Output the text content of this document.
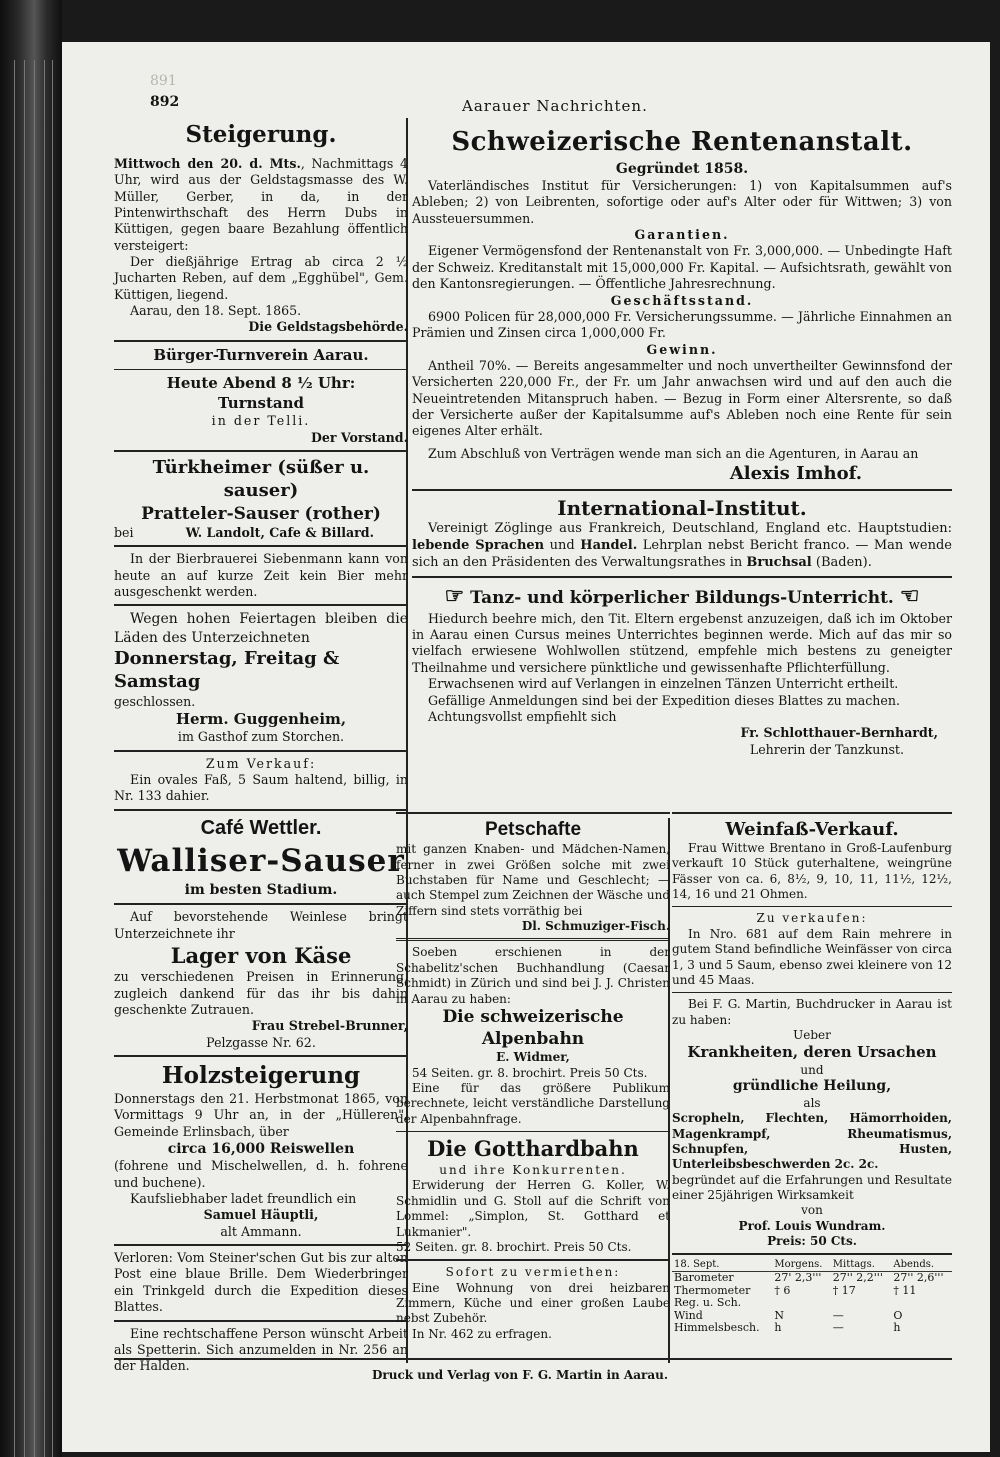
891
892	Aarauer Nachrichten.
Steigerung.

Mittwoch den 20. d. Mts., Nachmittags 4 Uhr, wird aus der Geldstagsmasse des W. Müller, Gerber, in da, in der Pintenwirthschaft des Herrn Dubs in Küttigen, gegen baare Bezahlung öffentlich versteigert:

Der dießjährige Ertrag ab circa 2 ½ Jucharten Reben, auf dem „Egghübel", Gem. Küttigen, liegend.

Aarau, den 18. Sept. 1865.

Die Geldstagsbehörde.

Bürger-Turnverein Aarau.

Heute Abend 8 ½ Uhr:

Turnstand

in der Telli.

Der Vorstand.

Türkheimer (süßer u. sauser)

Pratteler-Sauser (rother)

bei	W. Landolt, Cafe & Billard.

In der Bierbrauerei Siebenmann kann von heute an auf kurze Zeit kein Bier mehr ausgeschenkt werden.

Wegen hohen Feiertagen bleiben die Läden des Unterzeichneten

Donnerstag, Freitag & Samstag

geschlossen.

Herm. Guggenheim,

im Gasthof zum Storchen.

Zum Verkauf:

Ein ovales Faß, 5 Saum haltend, billig, in Nr. 133 dahier.

Café Wettler.

Walliser-Sauser

im besten Stadium.

Auf bevorstehende Weinlese bringt Unterzeichnete ihr

Lager von Käse

zu verschiedenen Preisen in Erinnerung, zugleich dankend für das ihr bis dahin geschenkte Zutrauen.

Frau Strebel-Brunner,

Pelzgasse Nr. 62.

Holzsteigerung

Donnerstags den 21. Herbstmonat 1865, von Vormittags 9 Uhr an, in der „Hülleren", Gemeinde Erlinsbach, über

circa 16,000 Reiswellen

(fohrene und Mischelwellen, d. h. fohrene und buchene).

Kaufsliebhaber ladet freundlich ein

Samuel Häuptli,

alt Ammann.

Verloren: Vom Steiner'schen Gut bis zur alten Post eine blaue Brille. Dem Wiederbringer ein Trinkgeld durch die Expedition dieses Blattes.

Eine rechtschaffene Person wünscht Arbeit als Spetterin. Sich anzumelden in Nr. 256 an der Halden.

Schweizerische Rentenanstalt.

Gegründet 1858.

Vaterländisches Institut für Versicherungen: 1) von Kapitalsummen auf's Ableben; 2) von Leibrenten, sofortige oder auf's Alter oder für Wittwen; 3) von Aussteuersummen.

Garantien.

Eigener Vermögensfond der Rentenanstalt von Fr. 3,000,000. — Unbedingte Haft der Schweiz. Kreditanstalt mit 15,000,000 Fr. Kapital. — Aufsichtsrath, gewählt von den Kantonsregierungen. — Öffentliche Jahresrechnung.

Geschäftsstand.

6900 Policen für 28,000,000 Fr. Versicherungssumme. — Jährliche Einnahmen an Prämien und Zinsen circa 1,000,000 Fr.

Gewinn.

Antheil 70%. — Bereits angesammelter und noch unvertheilter Gewinnsfond der Versicherten 220,000 Fr., der Fr. um Jahr anwachsen wird und auf den auch die Neueintretenden Mitanspruch haben. — Bezug in Form einer Altersrente, so daß der Versicherte außer der Kapitalsumme auf's Ableben noch eine Rente für sein eigenes Alter erhält.

Zum Abschluß von Verträgen wende man sich an die Agenturen, in Aarau an

Alexis Imhof.

International-Institut.

Vereinigt Zöglinge aus Frankreich, Deutschland, England etc. Hauptstudien: lebende Sprachen und Handel. Lehrplan nebst Bericht franco. — Man wende sich an den Präsidenten des Verwaltungsrathes in Bruchsal (Baden).

☞ Tanz- und körperlicher Bildungs-Unterricht. ☜

Hiedurch beehre mich, den Tit. Eltern ergebenst anzuzeigen, daß ich im Oktober in Aarau einen Cursus meines Unterrichtes beginnen werde. Mich auf das mir so vielfach erwiesene Wohlwollen stützend, empfehle mich bestens zu geneigter Theilnahme und versichere pünktliche und gewissenhafte Pflichterfüllung.

Erwachsenen wird auf Verlangen in einzelnen Tänzen Unterricht ertheilt.

Gefällige Anmeldungen sind bei der Expedition dieses Blattes zu machen.

Achtungsvollst empfiehlt sich

Fr. Schlotthauer-Bernhardt,

Lehrerin der Tanzkunst.

Petschafte

mit ganzen Knaben- und Mädchen-Namen, ferner in zwei Größen solche mit zwei Buchstaben für Name und Geschlecht; — auch Stempel zum Zeichnen der Wäsche und Ziffern sind stets vorräthig bei

Dl. Schmuziger-Fisch.

Soeben erschienen in der Schabelitz'schen Buchhandlung (Caesar Schmidt) in Zürich und sind bei J. J. Christen in Aarau zu haben:

Die schweizerische Alpenbahn

E. Widmer,

54 Seiten. gr. 8. brochirt. Preis 50 Cts.

Eine für das größere Publikum berechnete, leicht verständliche Darstellung der Alpenbahnfrage.

Die Gotthardbahn

und ihre Konkurrenten.

Erwiderung der Herren G. Koller, W. Schmidlin und G. Stoll auf die Schrift von Lommel: „Simplon, St. Gotthard et Lukmanier".

52 Seiten. gr. 8. brochirt. Preis 50 Cts.

Sofort zu vermiethen:

Eine Wohnung von drei heizbaren Zimmern, Küche und einer großen Laube nebst Zubehör.

In Nr. 462 zu erfragen.

Weinfaß-Verkauf.

Frau Wittwe Brentano in Groß-Laufenburg verkauft 10 Stück guterhaltene, weingrüne Fässer von ca. 6, 8½, 9, 10, 11, 11½, 12½, 14, 16 und 21 Ohmen.

Zu verkaufen:

In Nro. 681 auf dem Rain mehrere in gutem Stand befindliche Weinfässer von circa 1, 3 und 5 Saum, ebenso zwei kleinere von 12 und 45 Maas.

Bei F. G. Martin, Buchdrucker in Aarau ist zu haben:

Ueber

Krankheiten, deren Ursachen

und

gründliche Heilung,

als

Scropheln, Flechten, Hämorrhoiden, Magenkrampf, Rheumatismus, Schnupfen, Husten, Unterleibsbeschwerden 2c. 2c.

begründet auf die Erfahrungen und Resultate einer 25jährigen Wirksamkeit

von

Prof. Louis Wundram.

Preis: 50 Cts.

18. Sept.	Morgens.	Mittags.	Abends.
Barometer	27' 2,3'''	27'' 2,2'''	27'' 2,6'''
Thermometer	† 6	† 17	† 11
Reg. u. Sch.			
Wind	N	—	O
Himmelsbesch.	h	—	h
Druck und Verlag von F. G. Martin in Aarau.
